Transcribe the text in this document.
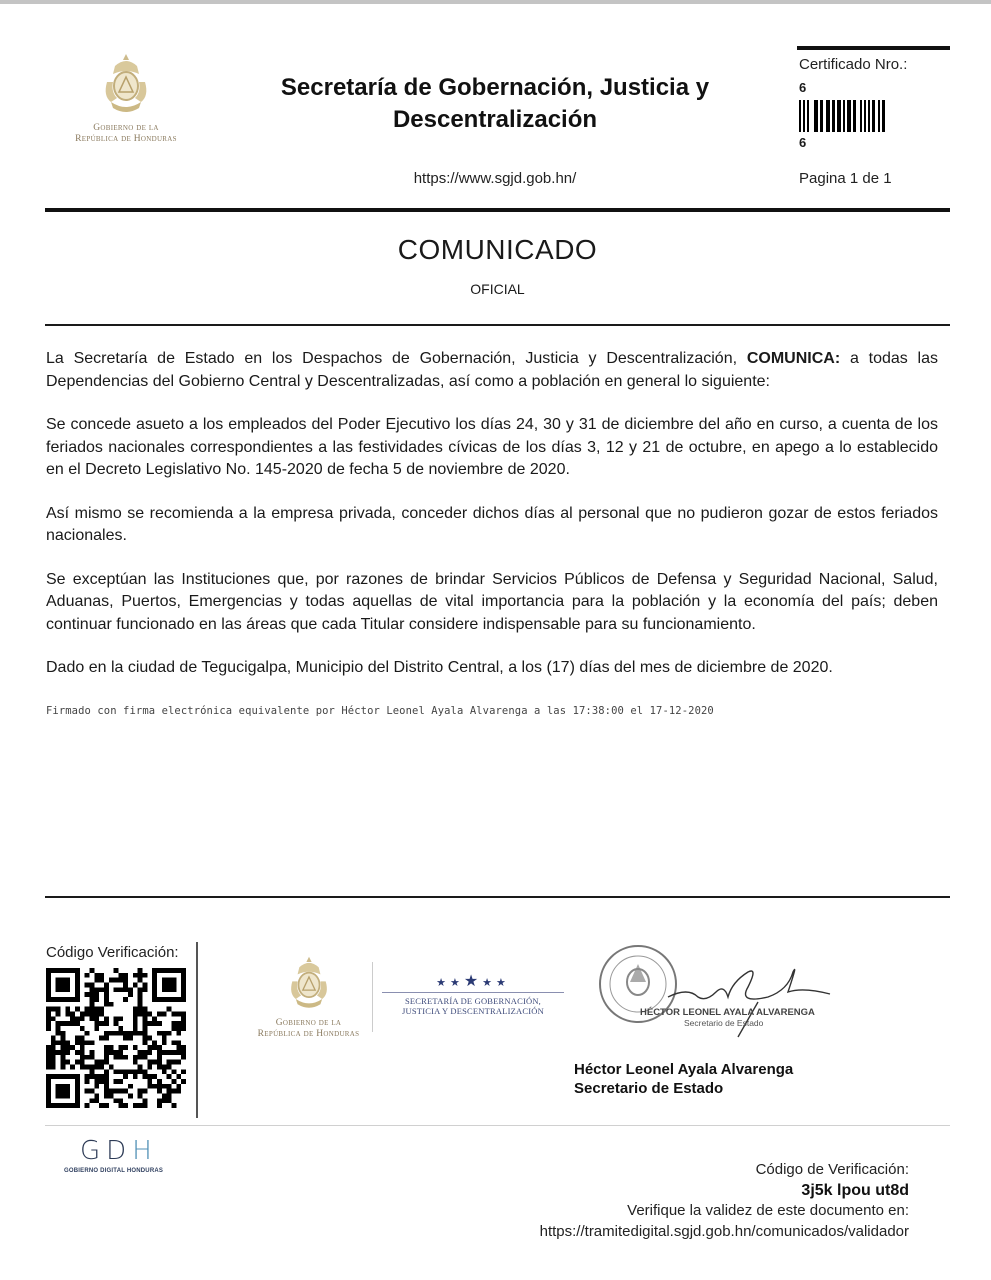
Gobierno de la
República de Honduras
Secretaría de Gobernación, Justicia y
Descentralización
https://www.sgjd.gob.hn/
Certificado Nro.:
6
6
Pagina 1 de 1
COMUNICADO
OFICIAL

La Secretaría de Estado en los Despachos de Gobernación, Justicia y Descentralización, COMUNICA: a todas las Dependencias del Gobierno Central y Descentralizadas, así como a población en general lo siguiente:

Se concede asueto a los empleados del Poder Ejecutivo los días 24, 30 y 31 de diciembre del año en curso, a cuenta de los feriados nacionales correspondientes a las festividades cívicas de los días 3, 12 y 21 de octubre, en apego a lo establecido en el Decreto Legislativo No. 145-2020 de fecha 5 de noviembre de 2020.

Así mismo se recomienda a la empresa privada, conceder dichos días al personal que no pudieron gozar de estos feriados nacionales.

Se exceptúan las Instituciones que, por razones de brindar Servicios Públicos de Defensa y Seguridad Nacional, Salud, Aduanas, Puertos, Emergencias y todas aquellas de vital importancia para la población y la economía del país; deben continuar funcionado en las áreas que cada Titular considere indispensable para su funcionamiento.

Dado en la ciudad de Tegucigalpa, Municipio del Distrito Central, a los (17) días del mes de diciembre de 2020.

Firmado con firma electrónica equivalente por Héctor Leonel Ayala Alvarenga a las 17:38:00 el 17-12-2020
Código Verificación:
Gobierno de la
República de Honduras
★★★★★
SECRETARÍA DE GOBERNACIÓN,
JUSTICIA Y DESCENTRALIZACIÓN	HÉCTOR LEONEL AYALA ALVARENGA
Secretario de Estado
Héctor Leonel Ayala Alvarenga
Secretario de Estado
GDH
GOBIERNO DIGITAL HONDURAS	Código de Verificación:
3j5k lpou ut8d
Verifique la validez de este documento en:
https://tramitedigital.sgjd.gob.hn/comunicados/validador
